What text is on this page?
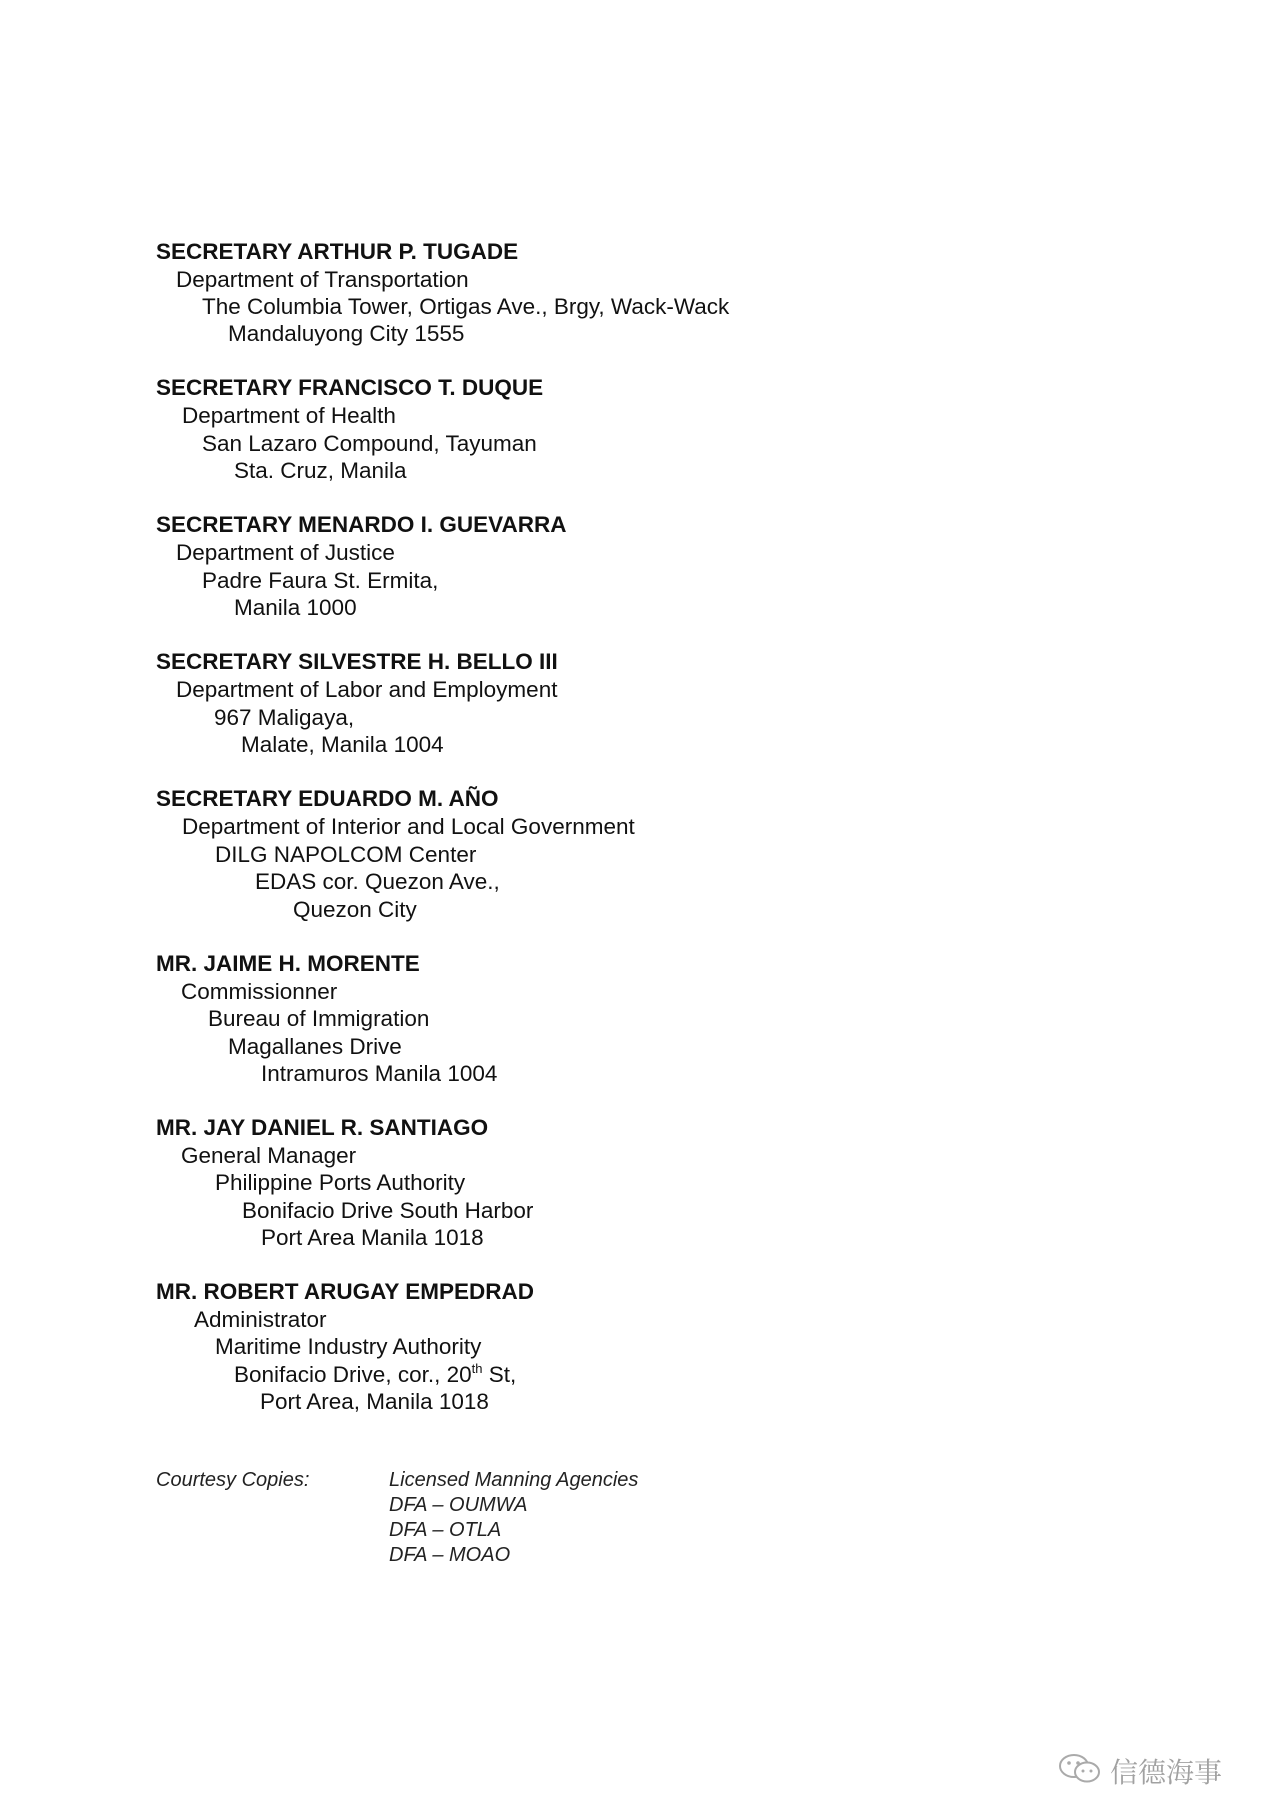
SECRETARY ARTHUR P. TUGADE
Department of Transportation
The Columbia Tower, Ortigas Ave., Brgy, Wack-Wack
Mandaluyong City 1555
SECRETARY FRANCISCO T. DUQUE
Department of Health
San Lazaro Compound, Tayuman
Sta. Cruz, Manila
SECRETARY MENARDO I. GUEVARRA
Department of Justice
Padre Faura St. Ermita,
Manila 1000
SECRETARY SILVESTRE H. BELLO III
Department of Labor and Employment
967 Maligaya,
Malate, Manila 1004
SECRETARY EDUARDO M. AÑO
Department of Interior and Local Government
DILG NAPOLCOM Center
EDAS cor. Quezon Ave.,
Quezon City
MR. JAIME H. MORENTE
Commissionner
Bureau of Immigration
Magallanes Drive
Intramuros Manila 1004
MR. JAY DANIEL R. SANTIAGO
General Manager
Philippine Ports Authority
Bonifacio Drive South Harbor
Port Area Manila 1018
MR. ROBERT ARUGAY EMPEDRAD
Administrator
Maritime Industry Authority
Bonifacio Drive, cor., 20th St,
Port Area, Manila 1018
Courtesy Copies:	Licensed Manning Agencies
DFA – OUMWA
DFA – OTLA
DFA – MOAO
信德海事
